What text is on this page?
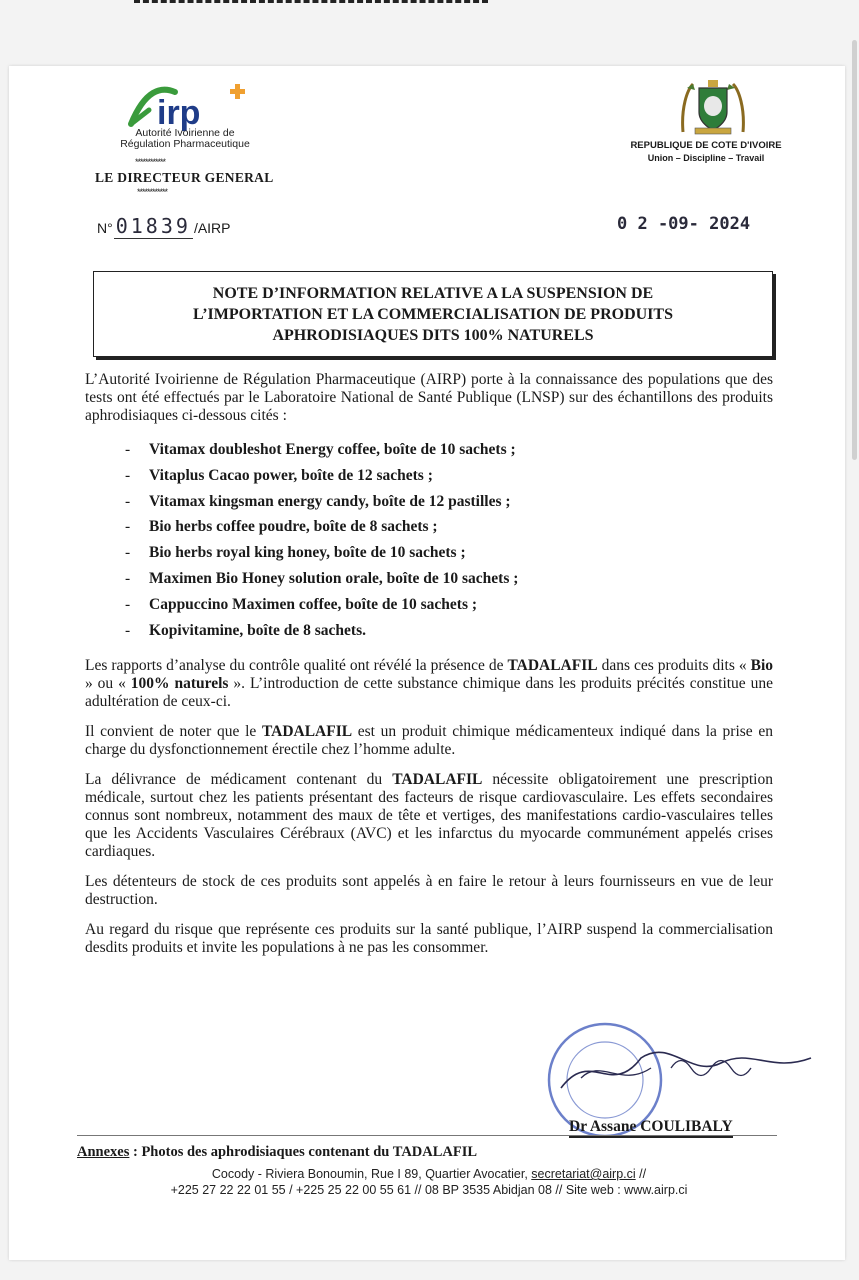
irp
Autorité Ivoirienne de
Régulation Pharmaceutique
************
LE DIRECTEUR GENERAL
************
REPUBLIQUE DE COTE D'IVOIRE
Union – Discipline – Travail
N° 01839 /AIRP	0 2 -09- 2024
NOTE D’INFORMATION RELATIVE A LA SUSPENSION DE
L’IMPORTATION ET LA COMMERCIALISATION DE PRODUITS
APHRODISIAQUES DITS 100% NATURELS

L’Autorité Ivoirienne de Régulation Pharmaceutique (AIRP) porte à la connaissance des populations que des tests ont été effectués par le Laboratoire National de Santé Publique (LNSP) sur des échantillons des produits aphrodisiaques ci-dessous cités :

- Vitamax doubleshot Energy coffee, boîte de 10 sachets ;
- Vitaplus Cacao power, boîte de 12 sachets ;
- Vitamax kingsman energy candy, boîte de 12 pastilles ;
- Bio herbs coffee poudre, boîte de 8 sachets ;
- Bio herbs royal king honey, boîte de 10 sachets ;
- Maximen Bio Honey solution orale, boîte de 10 sachets ;
- Cappuccino Maximen coffee, boîte de 10 sachets ;
- Kopivitamine, boîte de 8 sachets.

Les rapports d’analyse du contrôle qualité ont révélé la présence de TADALAFIL dans ces produits dits « Bio » ou « 100% naturels ». L’introduction de cette substance chimique dans les produits précités constitue une adultération de ceux-ci.

Il convient de noter que le TADALAFIL est un produit chimique médicamenteux indiqué dans la prise en charge du dysfonctionnement érectile chez l’homme adulte.

La délivrance de médicament contenant du TADALAFIL nécessite obligatoirement une prescription médicale, surtout chez les patients présentant des facteurs de risque cardiovasculaire. Les effets secondaires connus sont nombreux, notamment des maux de tête et vertiges, des manifestations cardio-vasculaires telles que les Accidents Vasculaires Cérébraux (AVC) et les infarctus du myocarde communément appelés crises cardiaques.

Les détenteurs de stock de ces produits sont appelés à en faire le retour à leurs fournisseurs en vue de leur destruction.

Au regard du risque que représente ces produits sur la santé publique, l’AIRP suspend la commercialisation desdits produits et invite les populations à ne pas les consommer.

Dr Assane COULIBALY
Annexes : Photos des aphrodisiaques contenant du TADALAFIL
Cocody - Riviera Bonoumin, Rue I 89, Quartier Avocatier, secretariat@airp.ci //
+225 27 22 22 01 55 / +225 25 22 00 55 61 // 08 BP 3535 Abidjan 08 // Site web : www.airp.ci
